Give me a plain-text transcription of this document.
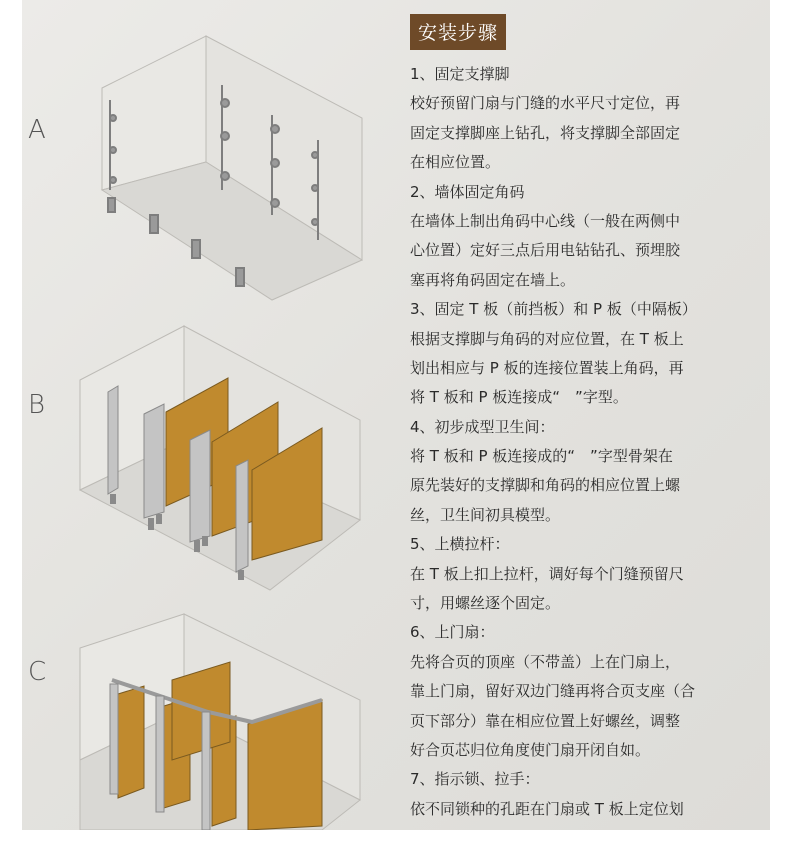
A
B
C
安装步骤
1、固定支撑脚
校好预留门扇与门缝的水平尺寸定位，再
固定支撑脚座上钻孔，将支撑脚全部固定
在相应位置。
2、墙体固定角码
在墙体上制出角码中心线（一般在两侧中
心位置）定好三点后用电钻钻孔、预埋胶
塞再将角码固定在墙上。
3、固定 T 板（前挡板）和 P 板（中隔板）
根据支撑脚与角码的对应位置，在 T 板上
划出相应与 P 板的连接位置装上角码，再
将 T 板和 P 板连接成“　”字型。
4、初步成型卫生间：
将 T 板和 P 板连接成的“　”字型骨架在
原先装好的支撑脚和角码的相应位置上螺
丝，卫生间初具模型。
5、上横拉杆：
在 T 板上扣上拉杆，调好每个门缝预留尺
寸，用螺丝逐个固定。
6、上门扇：
先将合页的顶座（不带盖）上在门扇上，
靠上门扇，留好双边门缝再将合页支座（合
页下部分）靠在相应位置上好螺丝，调整
好合页芯归位角度使门扇开闭自如。
7、指示锁、拉手：
依不同锁种的孔距在门扇或 T 板上定位划
